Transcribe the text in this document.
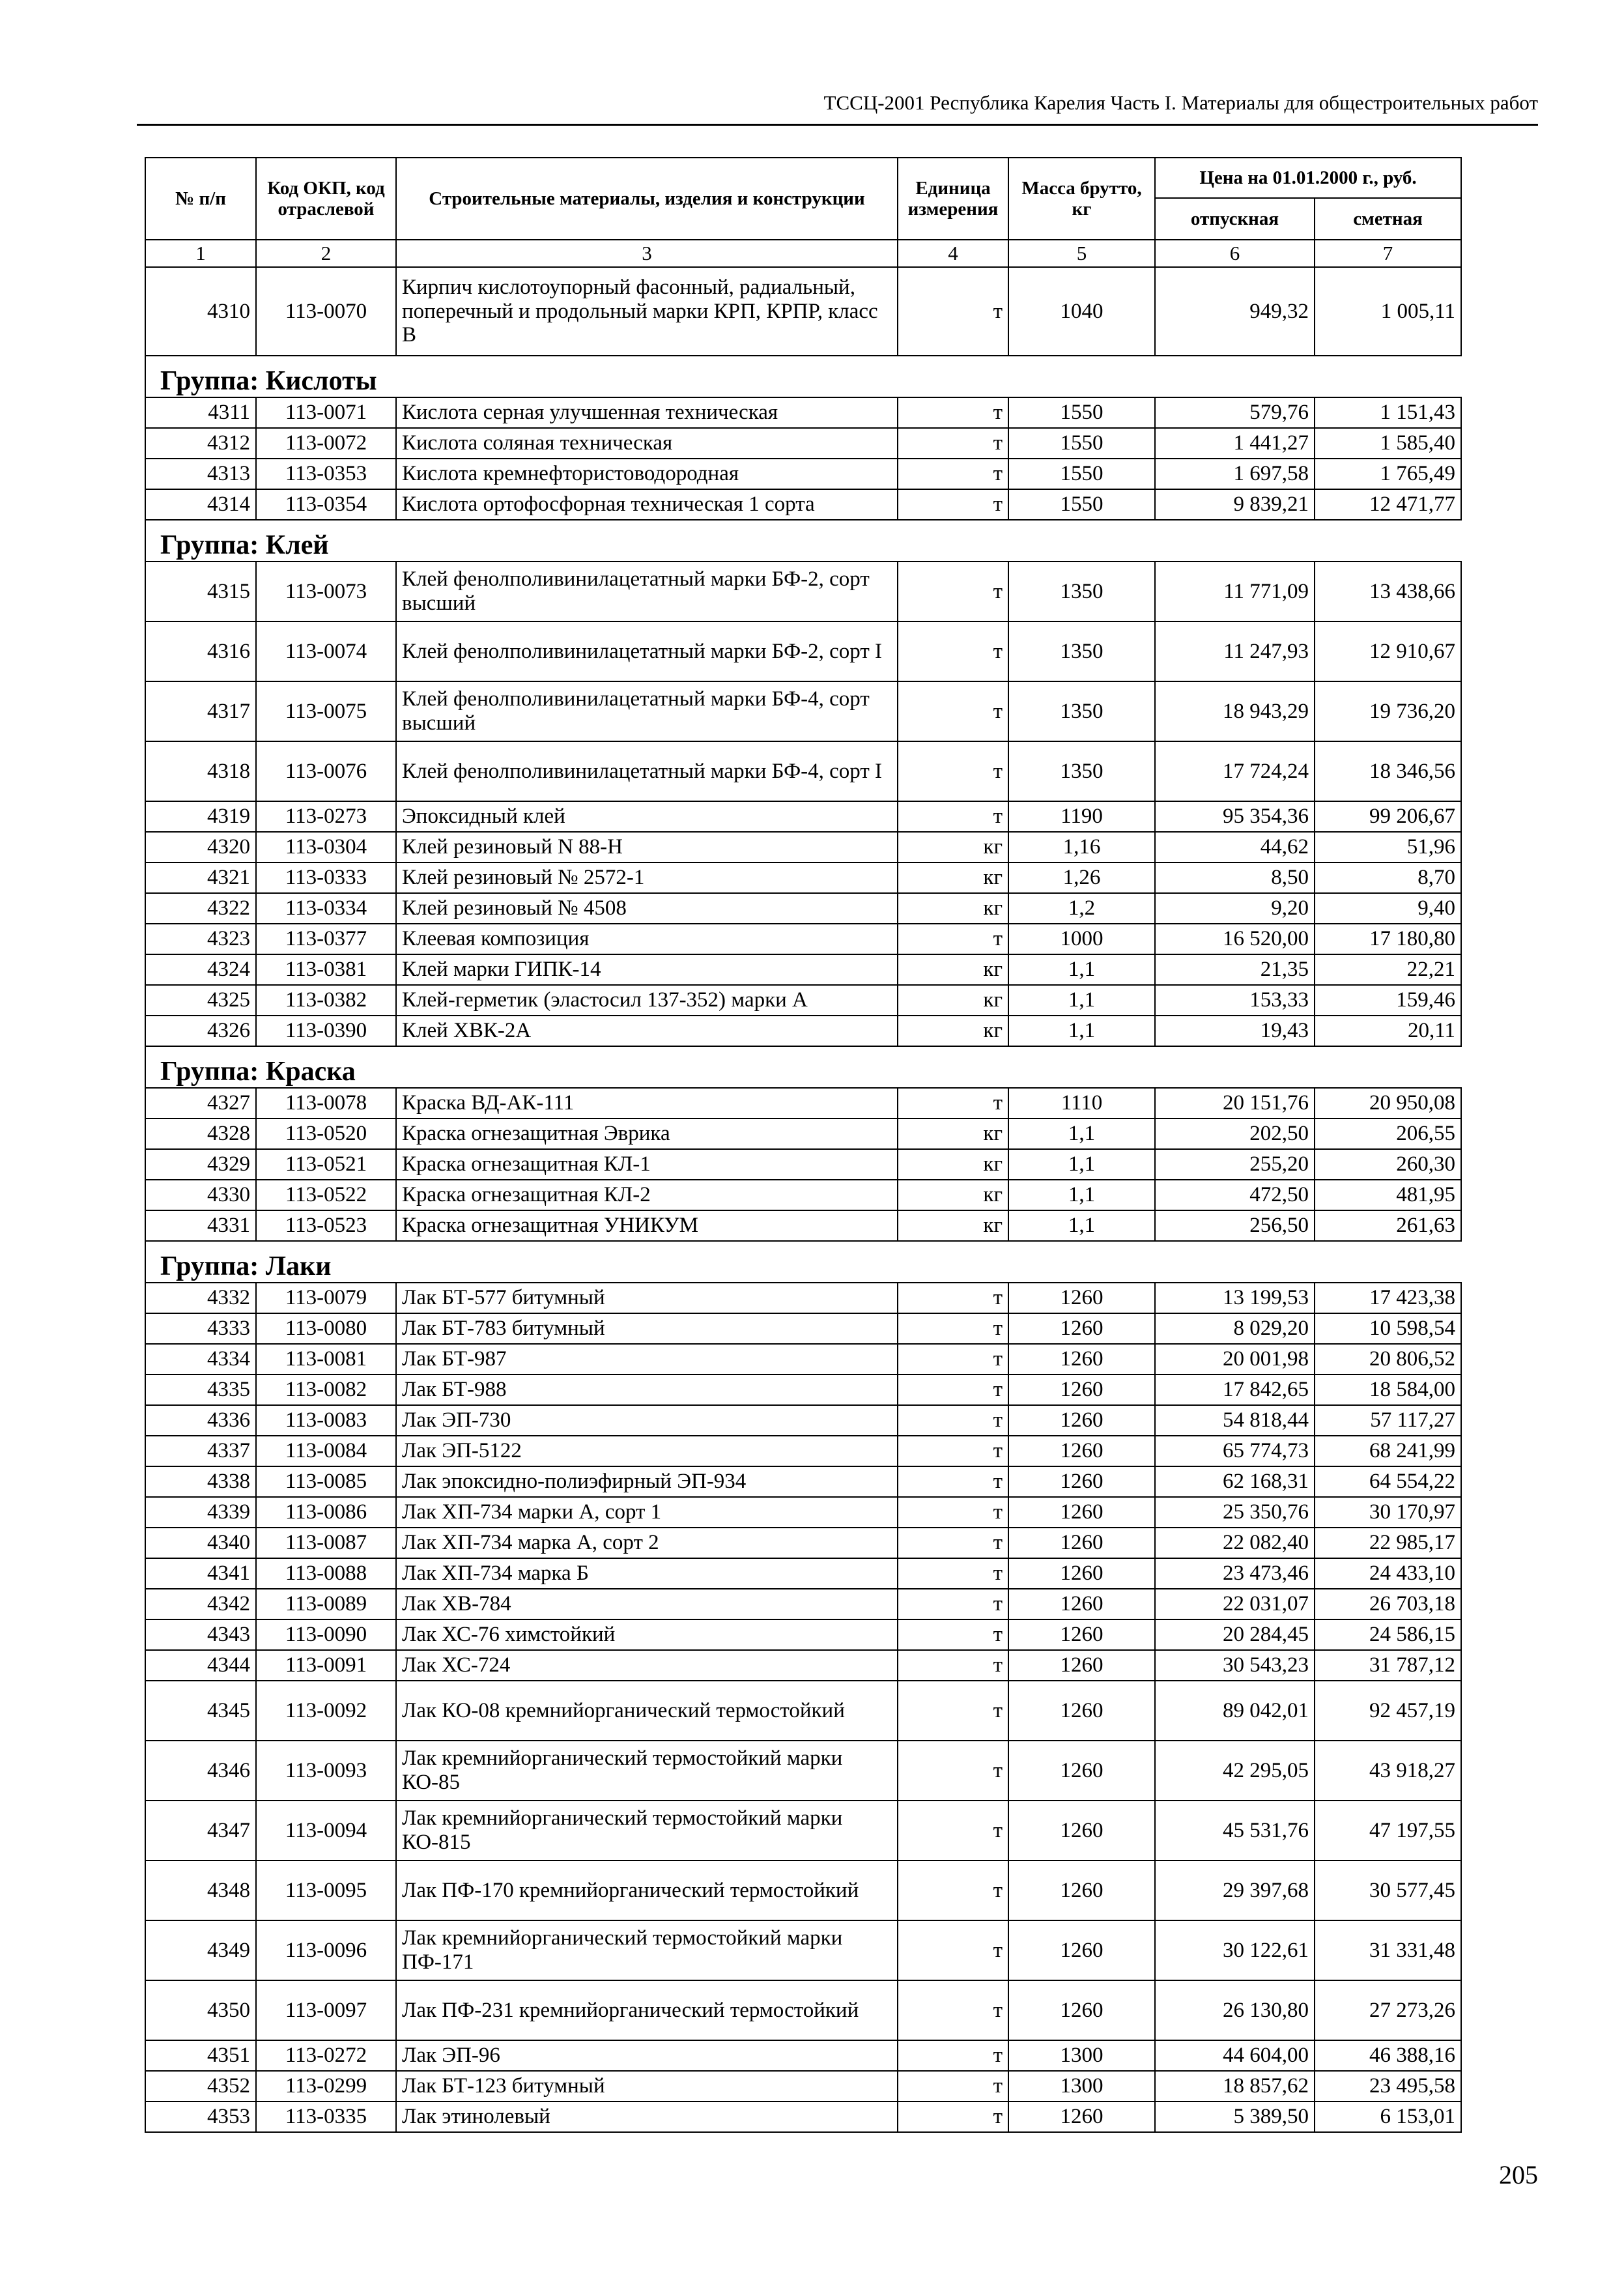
ТССЦ-2001 Республика Карелия Часть I. Материалы для общестроительных работ
№ п/п	Код ОКП, код отраслевой	Строительные материалы, изделия и конструкции	Единица измерения	Масса брутто, кг	Цена на 01.01.2000 г., руб.	
					отпускная	сметная
1	2	3	4	5	6	7
4310	113-0070	Кирпич кислотоупорный фасонный, радиальный, поперечный и продольный марки КРП, КРПР, класс В	т	1040	949,32	1 005,11
Группа: Кислоты						
4311	113-0071	Кислота серная улучшенная техническая	т	1550	579,76	1 151,43
4312	113-0072	Кислота соляная техническая	т	1550	1 441,27	1 585,40
4313	113-0353	Кислота кремнефтористоводородная	т	1550	1 697,58	1 765,49
4314	113-0354	Кислота ортофосфорная техническая 1 сорта	т	1550	9 839,21	12 471,77
Группа: Клей						
4315	113-0073	Клей фенолполивинилацетатный марки БФ-2, сорт высший	т	1350	11 771,09	13 438,66
4316	113-0074	Клей фенолполивинилацетатный марки БФ-2, сорт I	т	1350	11 247,93	12 910,67
4317	113-0075	Клей фенолполивинилацетатный марки БФ-4, сорт высший	т	1350	18 943,29	19 736,20
4318	113-0076	Клей фенолполивинилацетатный марки БФ-4, сорт I	т	1350	17 724,24	18 346,56
4319	113-0273	Эпоксидный клей	т	1190	95 354,36	99 206,67
4320	113-0304	Клей резиновый N 88-Н	кг	1,16	44,62	51,96
4321	113-0333	Клей резиновый № 2572-1	кг	1,26	8,50	8,70
4322	113-0334	Клей резиновый № 4508	кг	1,2	9,20	9,40
4323	113-0377	Клеевая композиция	т	1000	16 520,00	17 180,80
4324	113-0381	Клей марки ГИПК-14	кг	1,1	21,35	22,21
4325	113-0382	Клей-герметик (эластосил 137-352) марки А	кг	1,1	153,33	159,46
4326	113-0390	Клей ХВК-2А	кг	1,1	19,43	20,11
Группа: Краска						
4327	113-0078	Краска ВД-АК-111	т	1110	20 151,76	20 950,08
4328	113-0520	Краска огнезащитная Эврика	кг	1,1	202,50	206,55
4329	113-0521	Краска огнезащитная КЛ-1	кг	1,1	255,20	260,30
4330	113-0522	Краска огнезащитная КЛ-2	кг	1,1	472,50	481,95
4331	113-0523	Краска огнезащитная УНИКУМ	кг	1,1	256,50	261,63
Группа: Лаки						
4332	113-0079	Лак БТ-577 битумный	т	1260	13 199,53	17 423,38
4333	113-0080	Лак БТ-783 битумный	т	1260	8 029,20	10 598,54
4334	113-0081	Лак БТ-987	т	1260	20 001,98	20 806,52
4335	113-0082	Лак БТ-988	т	1260	17 842,65	18 584,00
4336	113-0083	Лак ЭП-730	т	1260	54 818,44	57 117,27
4337	113-0084	Лак ЭП-5122	т	1260	65 774,73	68 241,99
4338	113-0085	Лак эпоксидно-полиэфирный ЭП-934	т	1260	62 168,31	64 554,22
4339	113-0086	Лак ХП-734 марки А, сорт 1	т	1260	25 350,76	30 170,97
4340	113-0087	Лак ХП-734 марка А, сорт 2	т	1260	22 082,40	22 985,17
4341	113-0088	Лак ХП-734 марка Б	т	1260	23 473,46	24 433,10
4342	113-0089	Лак ХВ-784	т	1260	22 031,07	26 703,18
4343	113-0090	Лак ХС-76 химстойкий	т	1260	20 284,45	24 586,15
4344	113-0091	Лак ХС-724	т	1260	30 543,23	31 787,12
4345	113-0092	Лак КО-08 кремнийорганический термостойкий	т	1260	89 042,01	92 457,19
4346	113-0093	Лак кремнийорганический термостойкий марки КО-85	т	1260	42 295,05	43 918,27
4347	113-0094	Лак кремнийорганический термостойкий марки КО-815	т	1260	45 531,76	47 197,55
4348	113-0095	Лак ПФ-170 кремнийорганический термостойкий	т	1260	29 397,68	30 577,45
4349	113-0096	Лак кремнийорганический термостойкий марки ПФ-171	т	1260	30 122,61	31 331,48
4350	113-0097	Лак ПФ-231 кремнийорганический термостойкий	т	1260	26 130,80	27 273,26
4351	113-0272	Лак ЭП-96	т	1300	44 604,00	46 388,16
4352	113-0299	Лак БТ-123 битумный	т	1300	18 857,62	23 495,58
4353	113-0335	Лак этинолевый	т	1260	5 389,50	6 153,01
205
